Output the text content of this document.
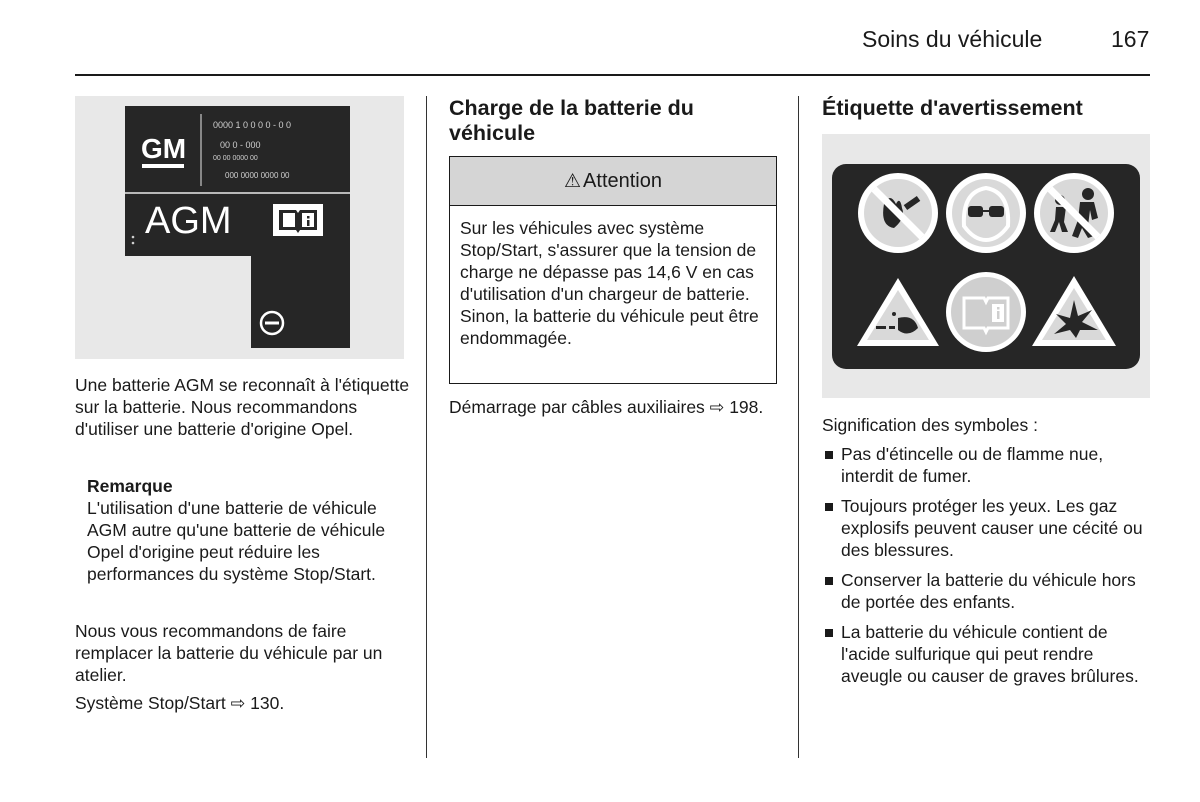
Soins du véhicule	167
GM
0000 1 0 0 0 0 - 0 0
00 0 - 000
00 00 0000 00
000 0000 0000 00
AGM

Une batterie AGM se reconnaît à l'étiquette sur la batterie. Nous recommandons d'utiliser une batterie d'origine Opel.

Remarque

L'utilisation d'une batterie de véhicule AGM autre qu'une batterie de véhicule Opel d'origine peut réduire les performances du système Stop/Start.

Nous vous recommandons de faire remplacer la batterie du véhicule par un atelier.

Système Stop/Start ⇨ 130.

Charge de la batterie du véhicule
⚠ Attention
Sur les véhicules avec système Stop/Start, s'assurer que la tension de charge ne dépasse pas 14,6 V en cas d'utilisation d'un chargeur de batterie. Sinon, la batterie du véhicule peut être endommagée.

Démarrage par câbles auxiliaires ⇨ 198.

Étiquette d'avertissement
Signification des symboles :
Pas d'étincelle ou de flamme nue, interdit de fumer.
Toujours protéger les yeux. Les gaz explosifs peuvent causer une cécité ou des blessures.
Conserver la batterie du véhicule hors de portée des enfants.
La batterie du véhicule contient de l'acide sulfurique qui peut rendre aveugle ou causer de graves brûlures.
